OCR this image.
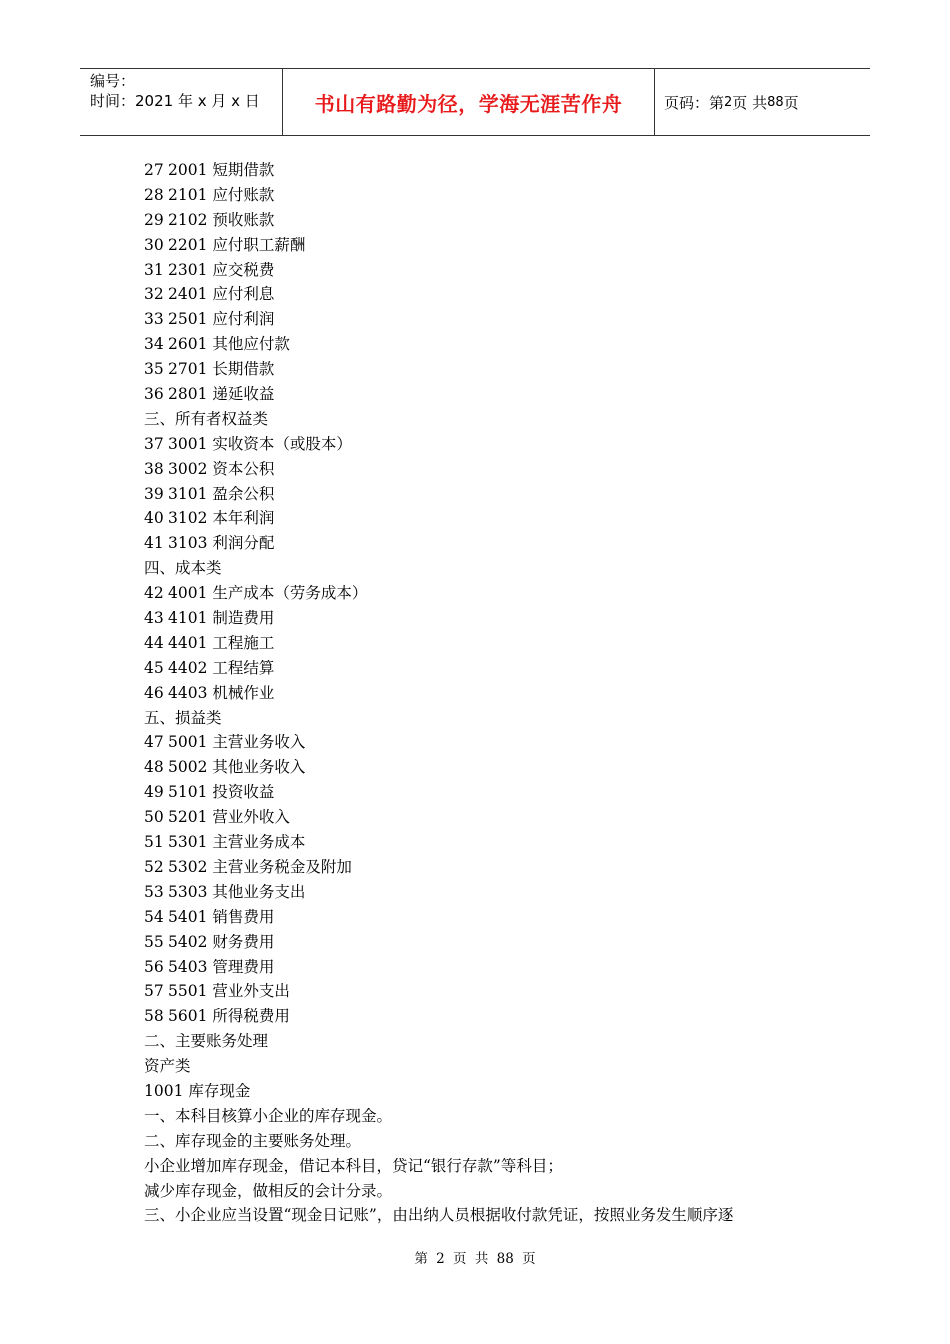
编号：
时间：2021 年 x 月 x 日	书山有路勤为径，学海无涯苦作舟	页码：第 2 页 共 88 页
27 2001 短期借款
28 2101 应付账款
29 2102 预收账款
30 2201 应付职工薪酬
31 2301 应交税费
32 2401 应付利息
33 2501 应付利润
34 2601 其他应付款
35 2701 长期借款
36 2801 递延收益
三、所有者权益类
37 3001 实收资本（或股本）
38 3002 资本公积
39 3101 盈余公积
40 3102 本年利润
41 3103 利润分配
四、成本类
42 4001 生产成本（劳务成本）
43 4101 制造费用
44 4401 工程施工
45 4402 工程结算
46 4403 机械作业
五、损益类
47 5001 主营业务收入
48 5002 其他业务收入
49 5101 投资收益
50 5201 营业外收入
51 5301 主营业务成本
52 5302 主营业务税金及附加
53 5303 其他业务支出
54 5401 销售费用
55 5402 财务费用
56 5403 管理费用
57 5501 营业外支出
58 5601 所得税费用
二、主要账务处理
资产类
1001 库存现金
一、本科目核算小企业的库存现金。
二、库存现金的主要账务处理。
小企业增加库存现金，借记本科目，贷记“银行存款”等科目；
减少库存现金，做相反的会计分录。
三、小企业应当设置“现金日记账”，由出纳人员根据收付款凭证，按照业务发生顺序逐
第 2 页 共 88 页
